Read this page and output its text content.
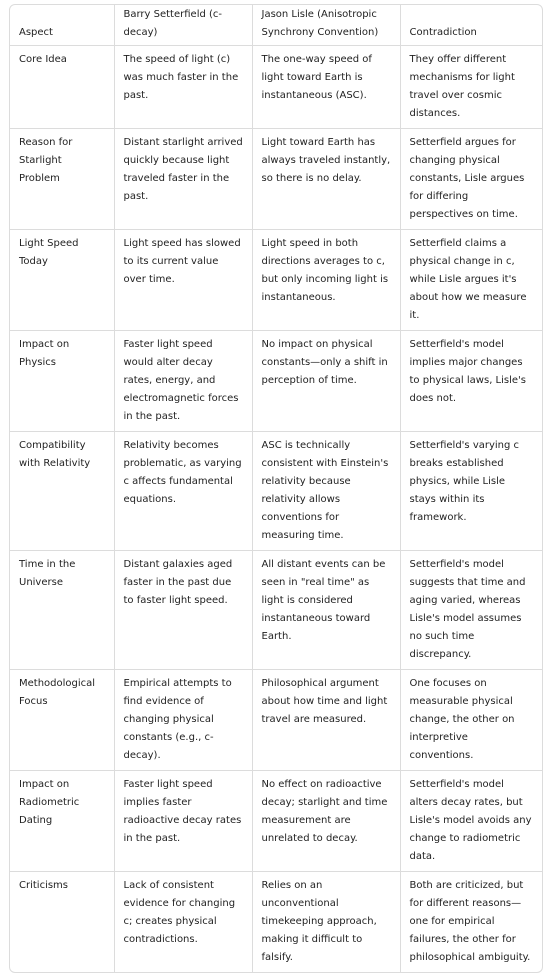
Aspect	Barry Setterfield (c-decay)	Jason Lisle (Anisotropic Synchrony Convention)	Contradiction
Core Idea	The speed of light (c) was much faster in the past.	The one-way speed of light toward Earth is instantaneous (ASC).	They offer different mechanisms for light travel over cosmic distances.
Reason for Starlight Problem	Distant starlight arrived quickly because light traveled faster in the past.	Light toward Earth has always traveled instantly, so there is no delay.	Setterfield argues for changing physical constants, Lisle argues for differing perspectives on time.
Light Speed Today	Light speed has slowed to its current value over time.	Light speed in both directions averages to c, but only incoming light is instantaneous.	Setterfield claims a physical change in c, while Lisle argues it's about how we measure it.
Impact on Physics	Faster light speed would alter decay rates, energy, and electromagnetic forces in the past.	No impact on physical constants—only a shift in perception of time.	Setterfield's model implies major changes to physical laws, Lisle's does not.
Compatibility with Relativity	Relativity becomes problematic, as varying c affects fundamental equations.	ASC is technically consistent with Einstein's relativity because relativity allows conventions for measuring time.	Setterfield's varying c breaks established physics, while Lisle stays within its framework.
Time in the Universe	Distant galaxies aged faster in the past due to faster light speed.	All distant events can be seen in "real time" as light is considered instantaneous toward Earth.	Setterfield's model suggests that time and aging varied, whereas Lisle's model assumes no such time discrepancy.
Methodological Focus	Empirical attempts to find evidence of changing physical constants (e.g., c-decay).	Philosophical argument about how time and light travel are measured.	One focuses on measurable physical change, the other on interpretive conventions.
Impact on Radiometric Dating	Faster light speed implies faster radioactive decay rates in the past.	No effect on radioactive decay; starlight and time measurement are unrelated to decay.	Setterfield's model alters decay rates, but Lisle's model avoids any change to radiometric data.
Criticisms	Lack of consistent evidence for changing c; creates physical contradictions.	Relies on an unconventional timekeeping approach, making it difficult to falsify.	Both are criticized, but for different reasons—one for empirical failures, the other for philosophical ambiguity.
